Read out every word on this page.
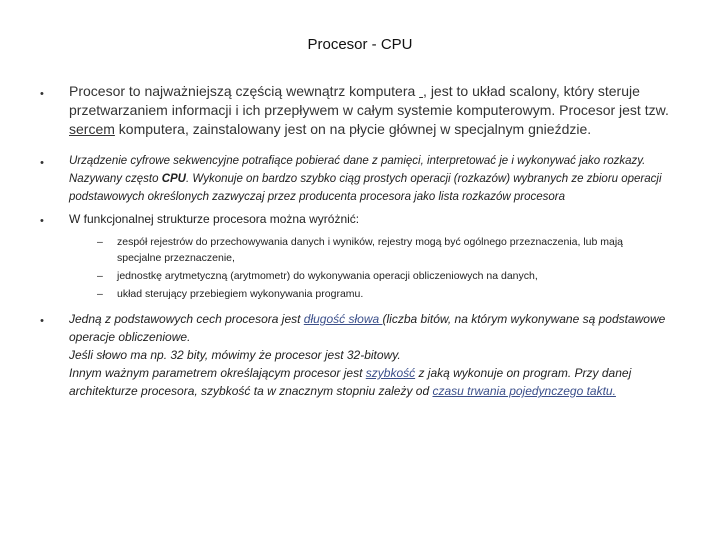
Procesor - CPU
• Procesor to najważniejszą częścią wewnątrz komputera  , jest to układ scalony, który steruje przetwarzaniem informacji i ich przepływem w całym systemie komputerowym. Procesor jest tzw. sercem komputera, zainstalowany jest on na płycie głównej w specjalnym gnieździe.
• Urządzenie cyfrowe sekwencyjne potrafiące pobierać dane z pamięci, interpretować je i wykonywać jako rozkazy. Nazywany często CPU. Wykonuje on bardzo szybko ciąg prostych operacji (rozkazów) wybranych ze zbioru operacji podstawowych określonych zazwyczaj przez producenta procesora jako lista rozkazów procesora
• W funkcjonalnej strukturze procesora można wyróżnić:
– zespół rejestrów do przechowywania danych i wyników, rejestry mogą być ogólnego przeznaczenia, lub mają specjalne przeznaczenie,
– jednostkę arytmetyczną (arytmometr) do wykonywania operacji obliczeniowych na danych,
– układ sterujący przebiegiem wykonywania programu.
• Jedną z podstawowych cech procesora jest długość słowa (liczba bitów, na którym wykonywane są podstawowe operacje obliczeniowe.
Jeśli słowo ma np. 32 bity, mówimy że procesor jest 32-bitowy.
Innym ważnym parametrem określającym procesor jest szybkość z jaką wykonuje on program. Przy danej architekturze procesora, szybkość ta w znacznym stopniu zależy od czasu trwania pojedynczego taktu.
